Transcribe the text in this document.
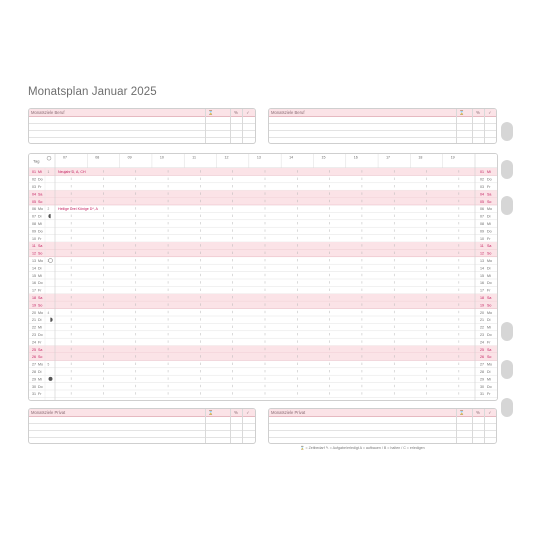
Monatsplan Januar 2025
Monatsziele Beruf	⌛	%	✓	Monatsziele Beruf	⌛	%	✓
Tag
07	08	09	10	11	12	13	14	15	16	17	18	19
01 Mi 1 Neujahr D, A, CH	01 Mi
02 Do	02 Do
03 Fr	03 Fr
04 Sa	04 Sa
05 So	05 So
06 Mo 2 Heilige Drei Könige D*, A	06 Mo
07 Di	07 Di
08 Mi	08 Mi
09 Do	09 Do
10 Fr	10 Fr
11 Sa	11 Sa
12 So	12 So
13 Mo	13 Mo
14 Di	14 Di
15 Mi	15 Mi
16 Do	16 Do
17 Fr	17 Fr
18 Sa	18 Sa
19 So	19 So
20 Mo 4	20 Mo
21 Di	21 Di
22 Mi	22 Mi
23 Do	23 Do
24 Fr	24 Fr
25 Sa	25 Sa
26 So	26 So
27 Mo 5	27 Mo
28 Di	28 Di
29 Mi	29 Mi
30 Do	30 Do
31 Fr	31 Fr
Monatsziele Privat	⌛	%	✓	Monatsziele Privat	⌛	%	✓
⌛ = Zeitbedarf ✎ = Aufgabe/erledigt A = aufbauen / B = halten / C = erledigen
